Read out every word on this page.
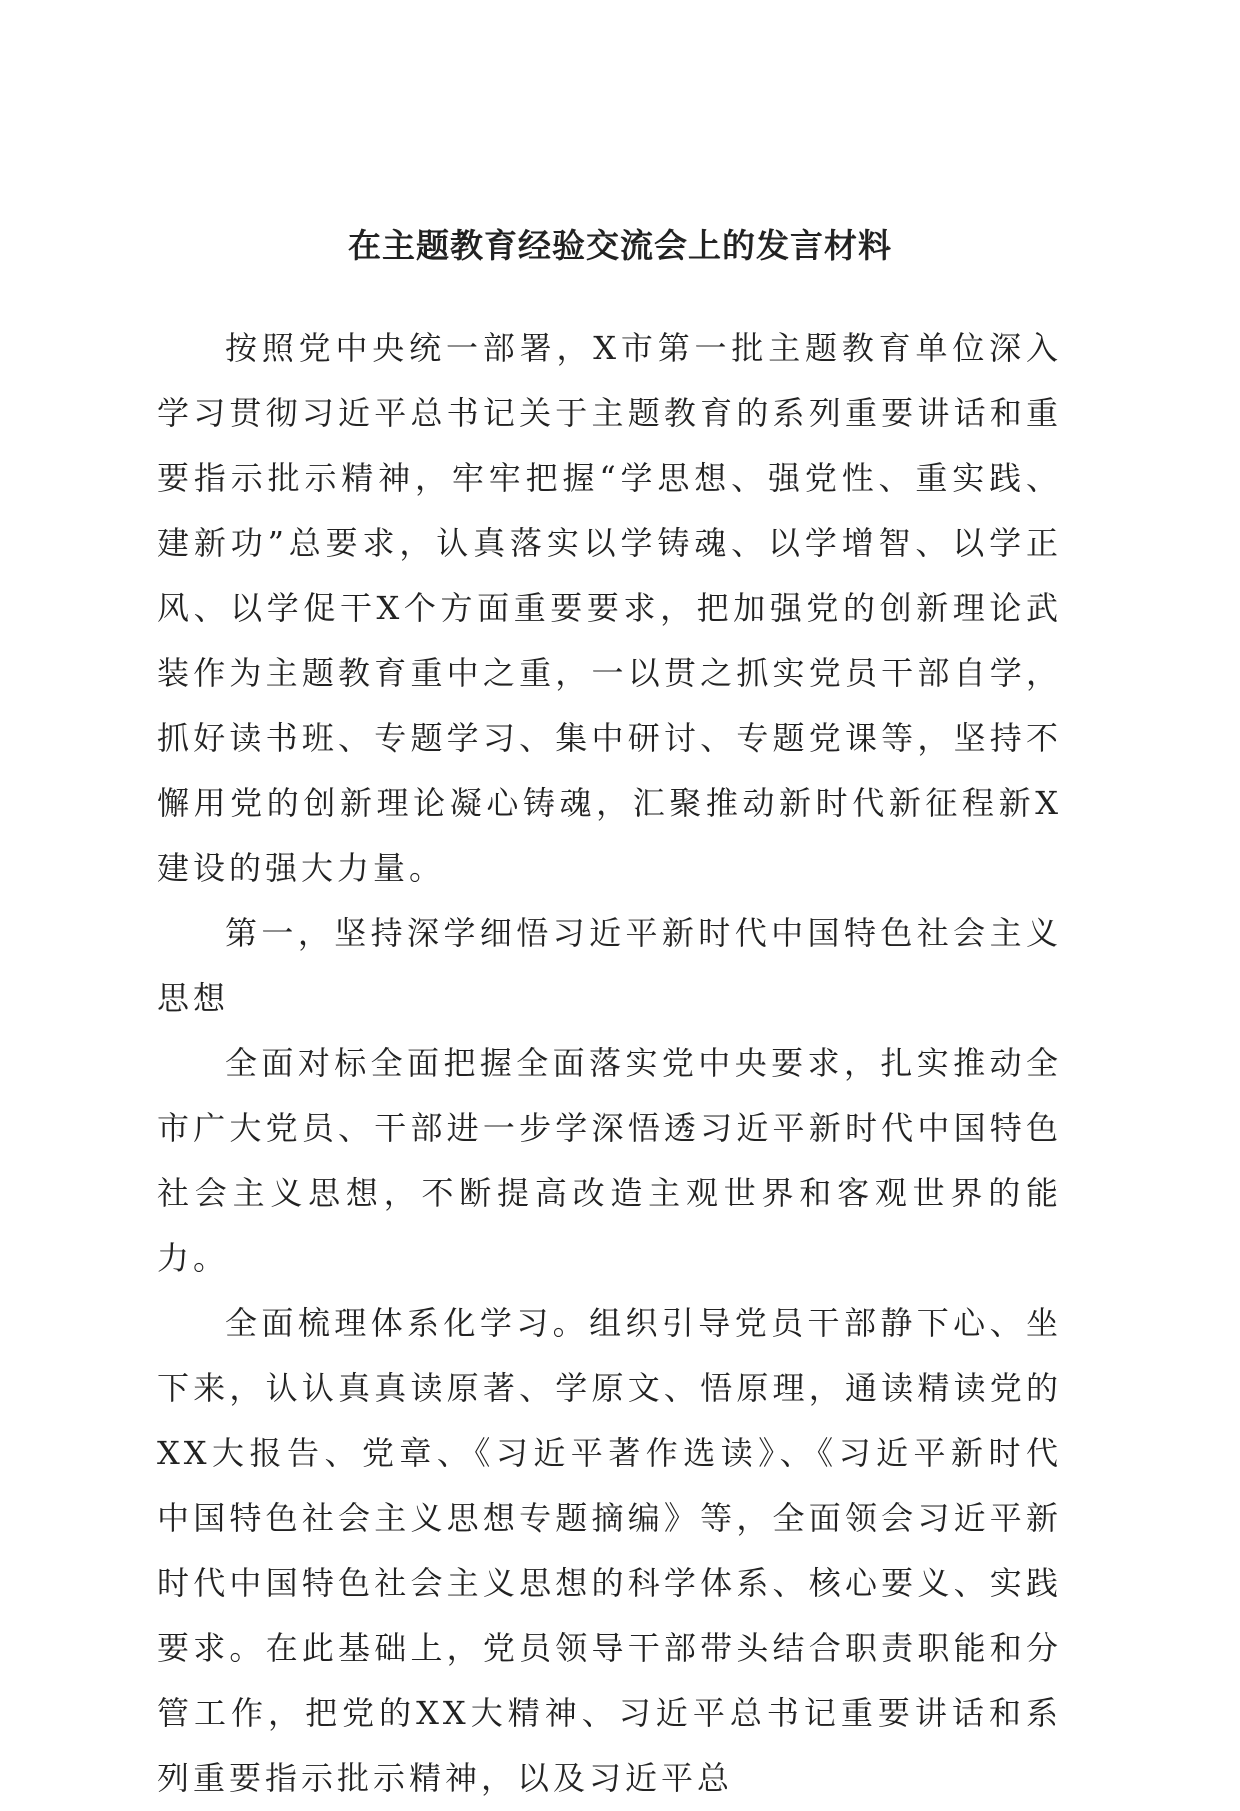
在主题教育经验交流会上的发言材料

按照党中央统一部署，X市第一批主题教育单位深入学习贯彻习近平总书记关于主题教育的系列重要讲话和重要指示批示精神，牢牢把握“学思想、强党性、重实践、建新功”总要求，认真落实以学铸魂、以学增智、以学正风、以学促干X个方面重要要求，把加强党的创新理论武装作为主题教育重中之重，一以贯之抓实党员干部自学，抓好读书班、专题学习、集中研讨、专题党课等，坚持不懈用党的创新理论凝心铸魂，汇聚推动新时代新征程新X建设的强大力量。

第一，坚持深学细悟习近平新时代中国特色社会主义思想

全面对标全面把握全面落实党中央要求，扎实推动全市广大党员、干部进一步学深悟透习近平新时代中国特色社会主义思想，不断提高改造主观世界和客观世界的能力。

全面梳理体系化学习。组织引导党员干部静下心、坐下来，认认真真读原著、学原文、悟原理，通读精读党的XX大报告、党章、《习近平著作选读》、《习近平新时代中国特色社会主义思想专题摘编》等，全面领会习近平新时代中国特色社会主义思想的科学体系、核心要义、实践要求。在此基础上，党员领导干部带头结合职责职能和分管工作，把党的XX大精神、习近平总书记重要讲话和系列重要指示批示精神，以及习近平总
